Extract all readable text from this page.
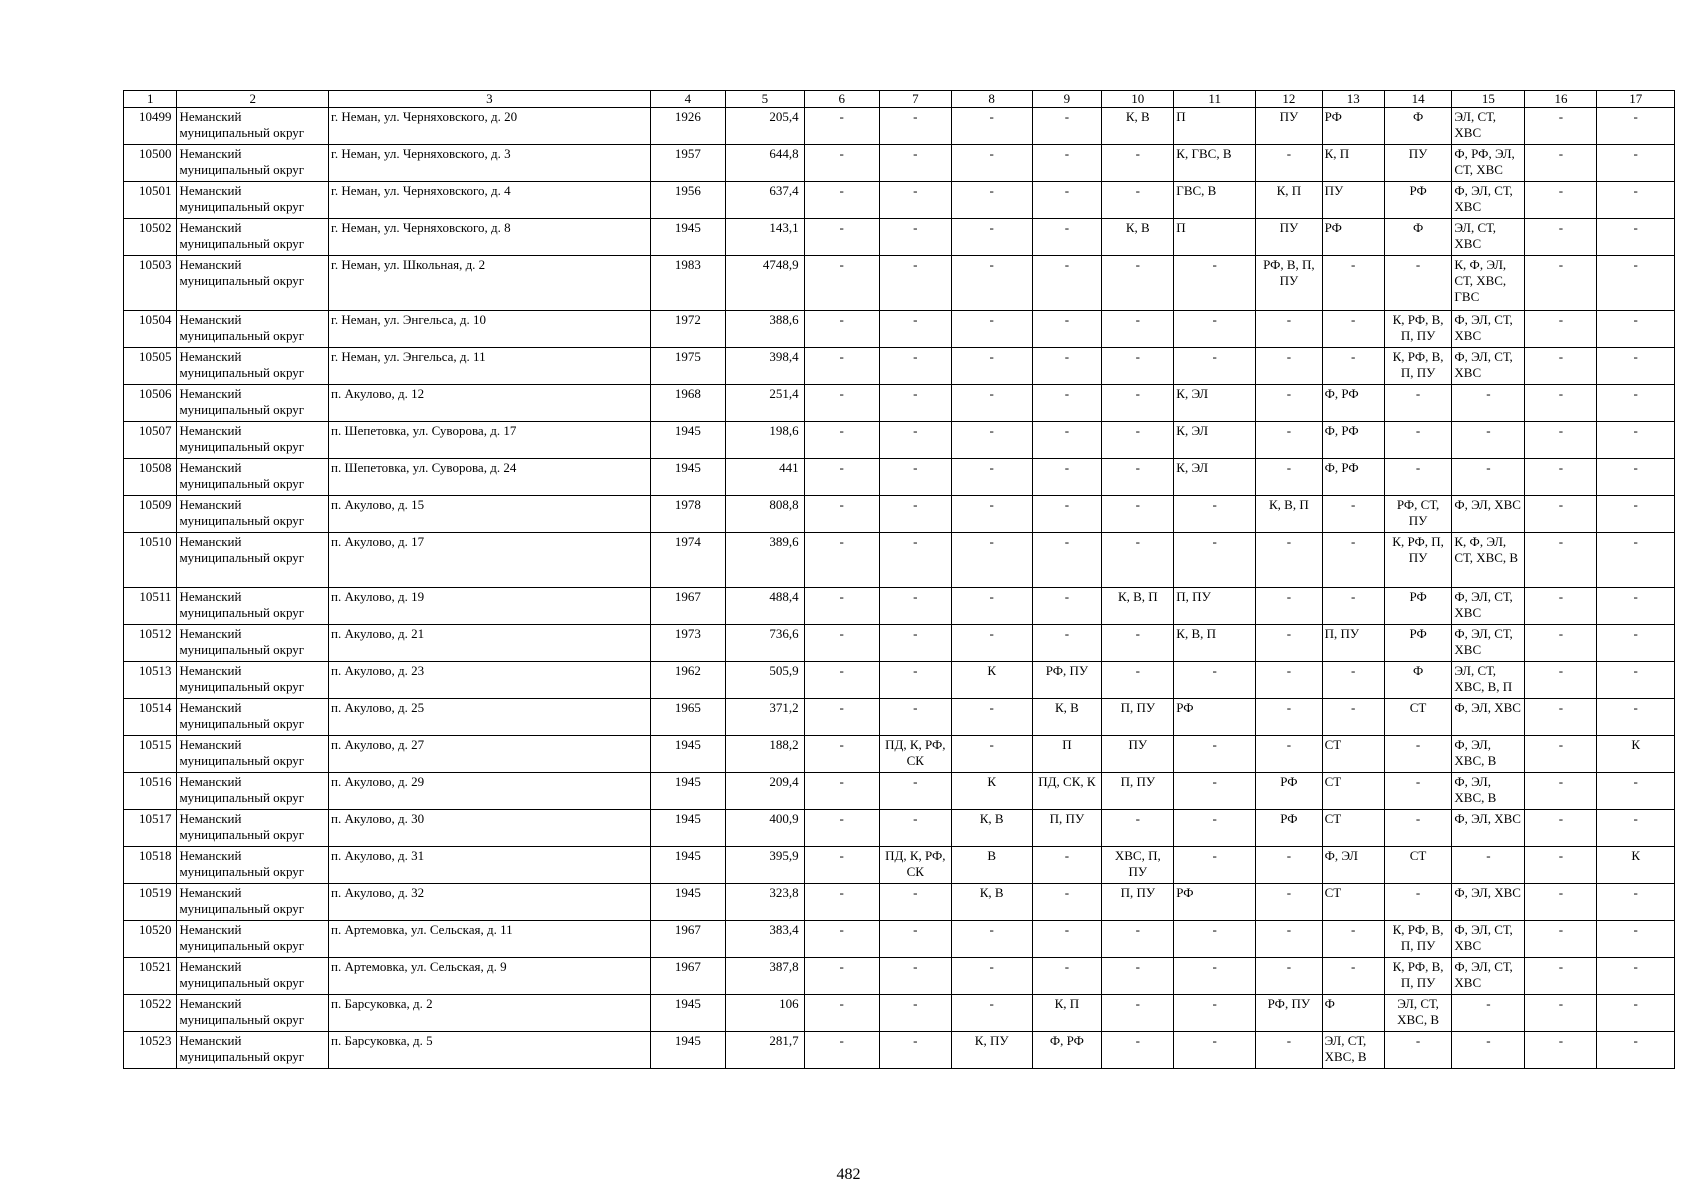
1	2	3	4	5	6	7	8	9	10	11	12	13	14	15	16	17
10499	Неманский муниципальный округ	г. Неман, ул. Черняховского, д. 20	1926	205,4	-	-	-	-	К, В	П	ПУ	РФ	Ф	ЭЛ, СТ, ХВС	-	-
10500	Неманский муниципальный округ	г. Неман, ул. Черняховского, д. 3	1957	644,8	-	-	-	-	-	К, ГВС, В	-	К, П	ПУ	Ф, РФ, ЭЛ, СТ, ХВС	-	-
10501	Неманский муниципальный округ	г. Неман, ул. Черняховского, д. 4	1956	637,4	-	-	-	-	-	ГВС, В	К, П	ПУ	РФ	Ф, ЭЛ, СТ, ХВС	-	-
10502	Неманский муниципальный округ	г. Неман, ул. Черняховского, д. 8	1945	143,1	-	-	-	-	К, В	П	ПУ	РФ	Ф	ЭЛ, СТ, ХВС	-	-
10503	Неманский муниципальный округ	г. Неман, ул. Школьная, д. 2	1983	4748,9	-	-	-	-	-	-	РФ, В, П, ПУ	-	-	К, Ф, ЭЛ, СТ, ХВС, ГВС	-	-
10504	Неманский муниципальный округ	г. Неман, ул. Энгельса, д. 10	1972	388,6	-	-	-	-	-	-	-	-	К, РФ, В, П, ПУ	Ф, ЭЛ, СТ, ХВС	-	-
10505	Неманский муниципальный округ	г. Неман, ул. Энгельса, д. 11	1975	398,4	-	-	-	-	-	-	-	-	К, РФ, В, П, ПУ	Ф, ЭЛ, СТ, ХВС	-	-
10506	Неманский муниципальный округ	п. Акулово, д. 12	1968	251,4	-	-	-	-	-	К, ЭЛ	-	Ф, РФ	-	-	-	-
10507	Неманский муниципальный округ	п. Шепетовка, ул. Суворова, д. 17	1945	198,6	-	-	-	-	-	К, ЭЛ	-	Ф, РФ	-	-	-	-
10508	Неманский муниципальный округ	п. Шепетовка, ул. Суворова, д. 24	1945	441	-	-	-	-	-	К, ЭЛ	-	Ф, РФ	-	-	-	-
10509	Неманский муниципальный округ	п. Акулово, д. 15	1978	808,8	-	-	-	-	-	-	К, В, П	-	РФ, СТ, ПУ	Ф, ЭЛ, ХВС	-	-
10510	Неманский муниципальный округ	п. Акулово, д. 17	1974	389,6	-	-	-	-	-	-	-	-	К, РФ, П, ПУ	К, Ф, ЭЛ, СТ, ХВС, В	-	-
10511	Неманский муниципальный округ	п. Акулово, д. 19	1967	488,4	-	-	-	-	К, В, П	П, ПУ	-	-	РФ	Ф, ЭЛ, СТ, ХВС	-	-
10512	Неманский муниципальный округ	п. Акулово, д. 21	1973	736,6	-	-	-	-	-	К, В, П	-	П, ПУ	РФ	Ф, ЭЛ, СТ, ХВС	-	-
10513	Неманский муниципальный округ	п. Акулово, д. 23	1962	505,9	-	-	К	РФ, ПУ	-	-	-	-	Ф	ЭЛ, СТ, ХВС, В, П	-	-
10514	Неманский муниципальный округ	п. Акулово, д. 25	1965	371,2	-	-	-	К, В	П, ПУ	РФ	-	-	СТ	Ф, ЭЛ, ХВС	-	-
10515	Неманский муниципальный округ	п. Акулово, д. 27	1945	188,2	-	ПД, К, РФ, СК	-	П	ПУ	-	-	СТ	-	Ф, ЭЛ, ХВС, В	-	К
10516	Неманский муниципальный округ	п. Акулово, д. 29	1945	209,4	-	-	К	ПД, СК, К	П, ПУ	-	РФ	СТ	-	Ф, ЭЛ, ХВС, В	-	-
10517	Неманский муниципальный округ	п. Акулово, д. 30	1945	400,9	-	-	К, В	П, ПУ	-	-	РФ	СТ	-	Ф, ЭЛ, ХВС	-	-
10518	Неманский муниципальный округ	п. Акулово, д. 31	1945	395,9	-	ПД, К, РФ, СК	В	-	ХВС, П, ПУ	-	-	Ф, ЭЛ	СТ	-	-	К
10519	Неманский муниципальный округ	п. Акулово, д. 32	1945	323,8	-	-	К, В	-	П, ПУ	РФ	-	СТ	-	Ф, ЭЛ, ХВС	-	-
10520	Неманский муниципальный округ	п. Артемовка, ул. Сельская, д. 11	1967	383,4	-	-	-	-	-	-	-	-	К, РФ, В, П, ПУ	Ф, ЭЛ, СТ, ХВС	-	-
10521	Неманский муниципальный округ	п. Артемовка, ул. Сельская, д. 9	1967	387,8	-	-	-	-	-	-	-	-	К, РФ, В, П, ПУ	Ф, ЭЛ, СТ, ХВС	-	-
10522	Неманский муниципальный округ	п. Барсуковка, д. 2	1945	106	-	-	-	К, П	-	-	РФ, ПУ	Ф	ЭЛ, СТ, ХВС, В	-	-	-
10523	Неманский муниципальный округ	п. Барсуковка, д. 5	1945	281,7	-	-	К, ПУ	Ф, РФ	-	-	-	ЭЛ, СТ, ХВС, В	-	-	-	-
482
